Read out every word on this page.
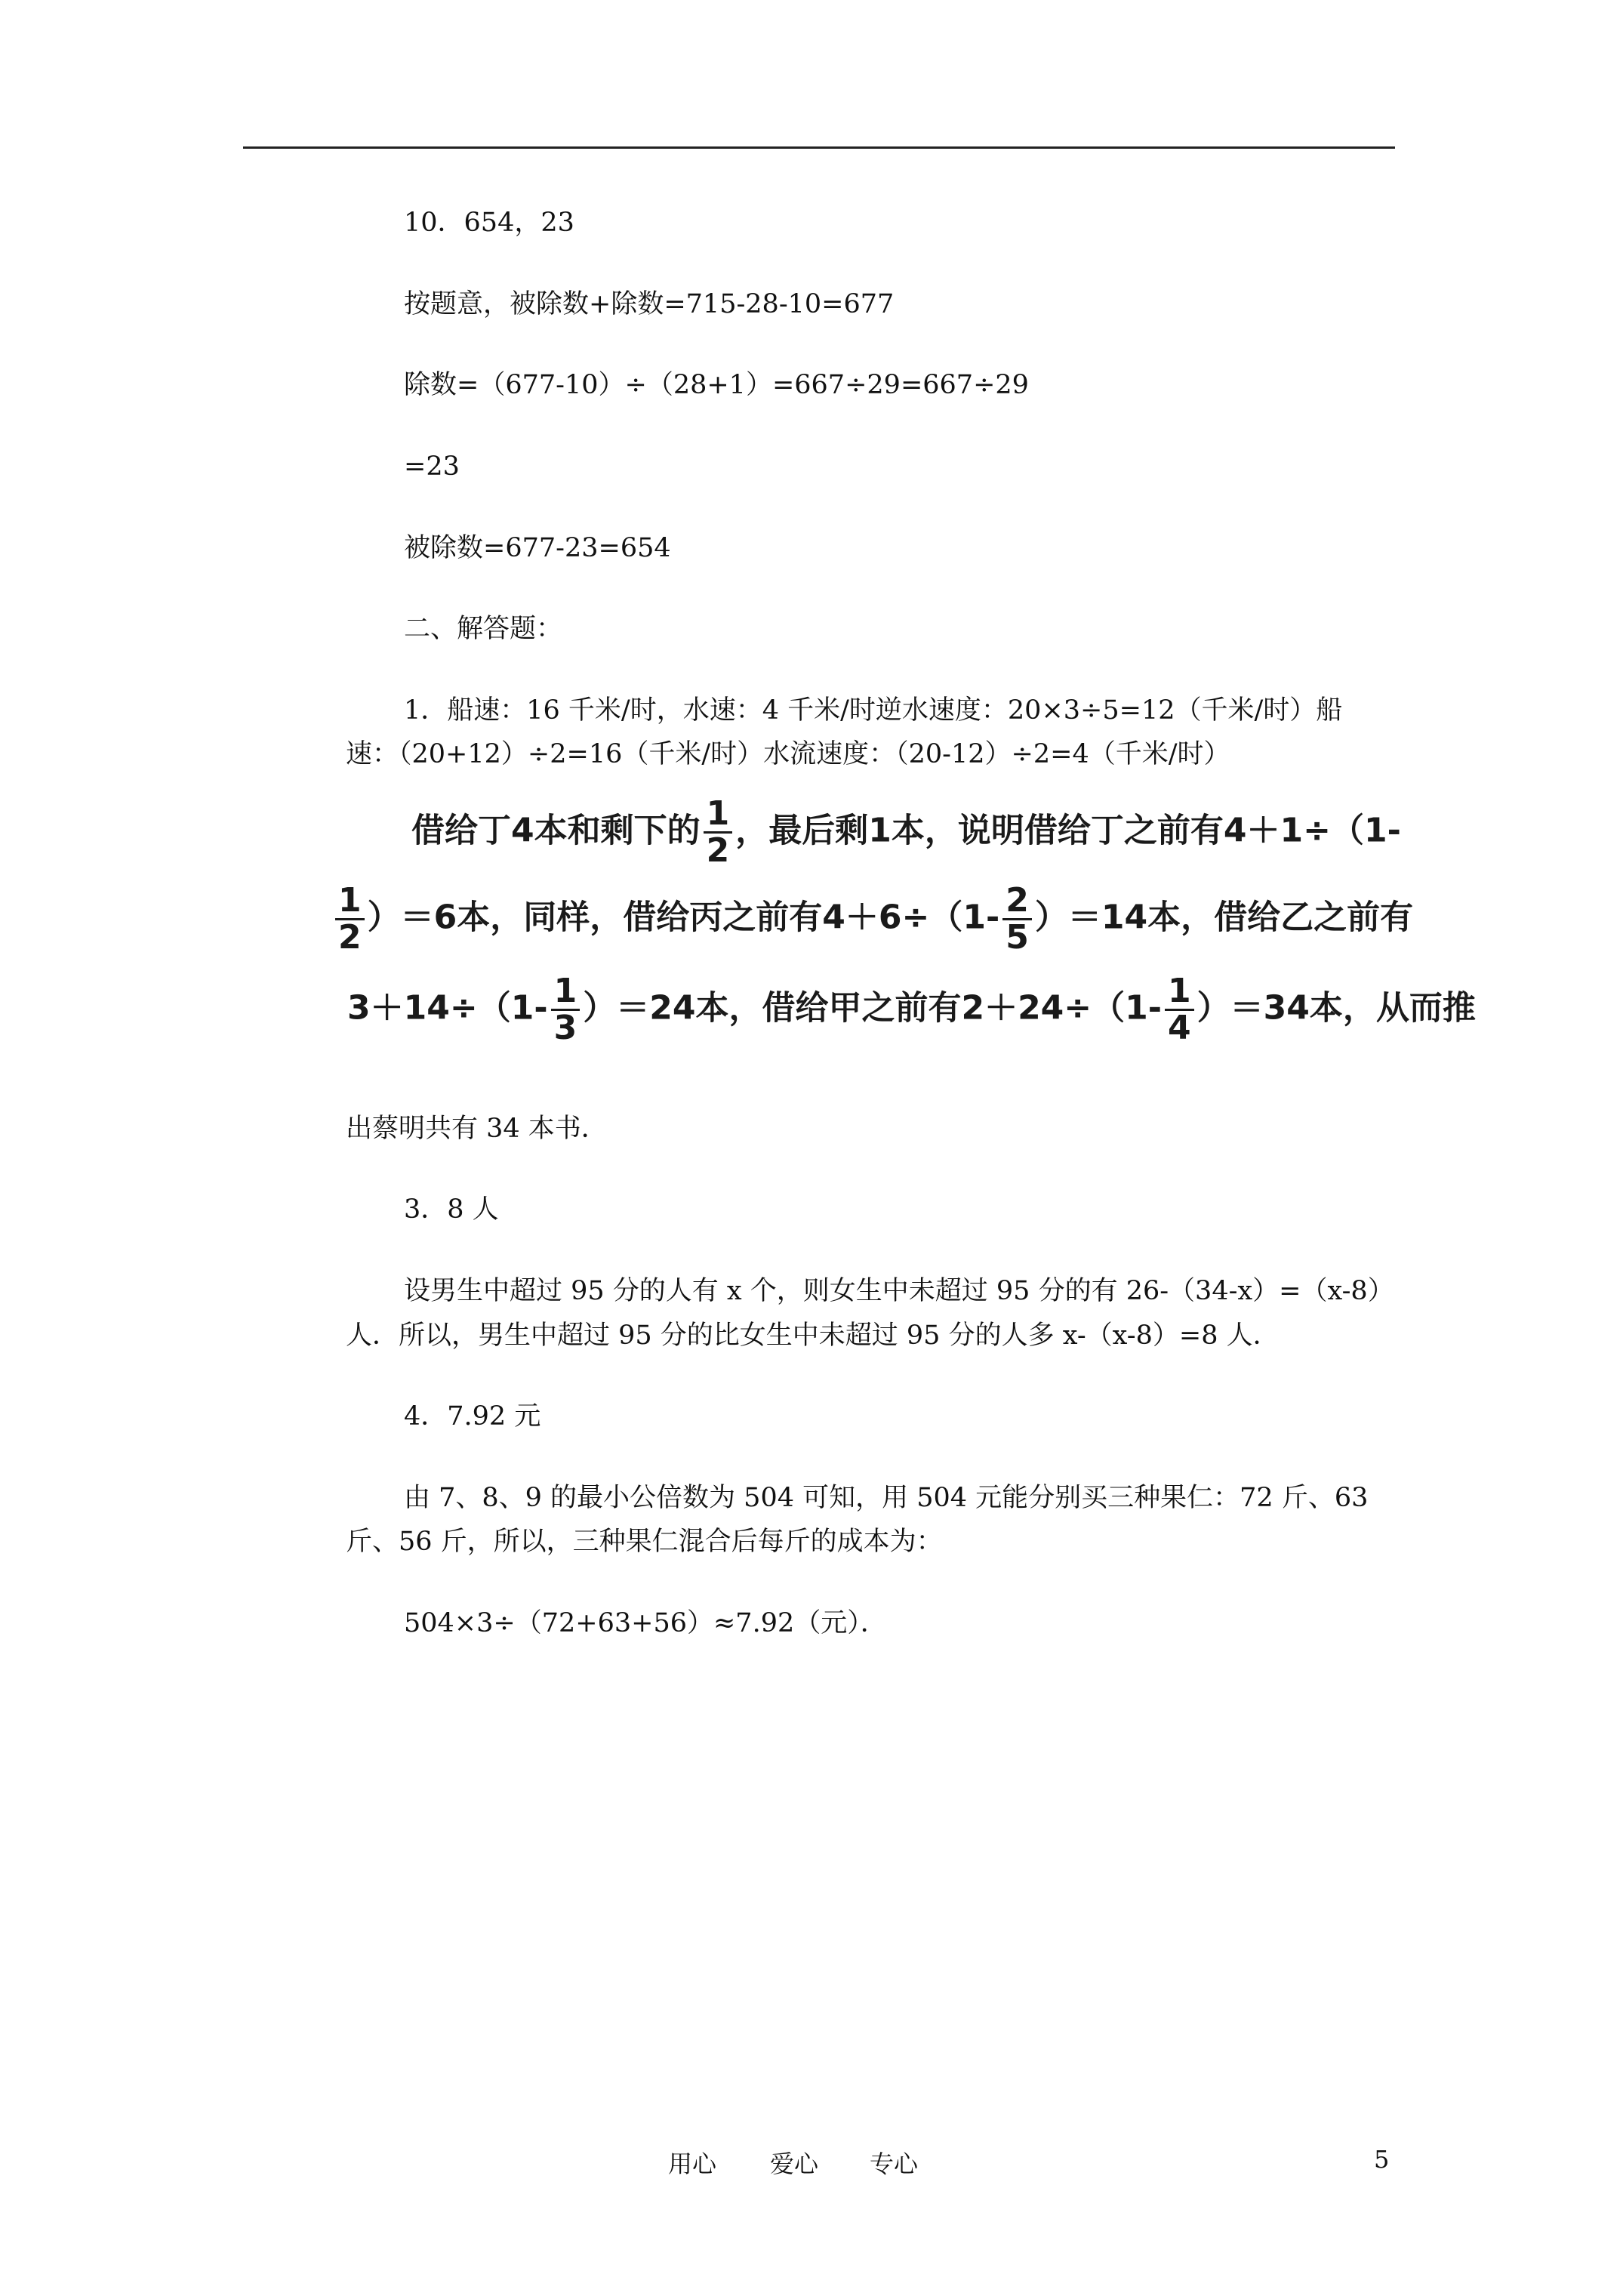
10．654，23
按题意，被除数+除数=715-28-10=677
除数=（677-10）÷（28+1）=667÷29=667÷29
=23
被除数=677-23=654
二、解答题：
1．船速：16 千米/时，水速：4 千米/时逆水速度：20×3÷5=12（千米/时）船
速：（20+12）÷2=16（千米/时）水流速度：（20-12）÷2=4（千米/时）
借给丁4本和剩下的 $\frac{1}{2}$ ，最后剩1本，说明借给丁之前有4＋1÷（1-
$\frac{1}{2} )=6$本，同样，借给丙之前有$4+6\div(1- \frac{2}{5} )=14$本，借给乙之前有
$3+14\div(1- \frac{1}{3} )=24$本，借给甲之前有$2+24\div(1- \frac{1}{4} )=34$本，从而推
出蔡明共有 34 本书．
3．8 人
设男生中超过 95 分的人有 x 个，则女生中未超过 95 分的有 26-（34-x）=（x-8）
人．所以，男生中超过 95 分的比女生中未超过 95 分的人多 x-（x-8）=8 人．
4．7.92 元
由 7、8、9 的最小公倍数为 504 可知，用 504 元能分别买三种果仁：72 斤、63
斤、56 斤，所以，三种果仁混合后每斤的成本为：
504×3÷（72+63+56）≈7.92（元）．
用心 爱心 专心	5
